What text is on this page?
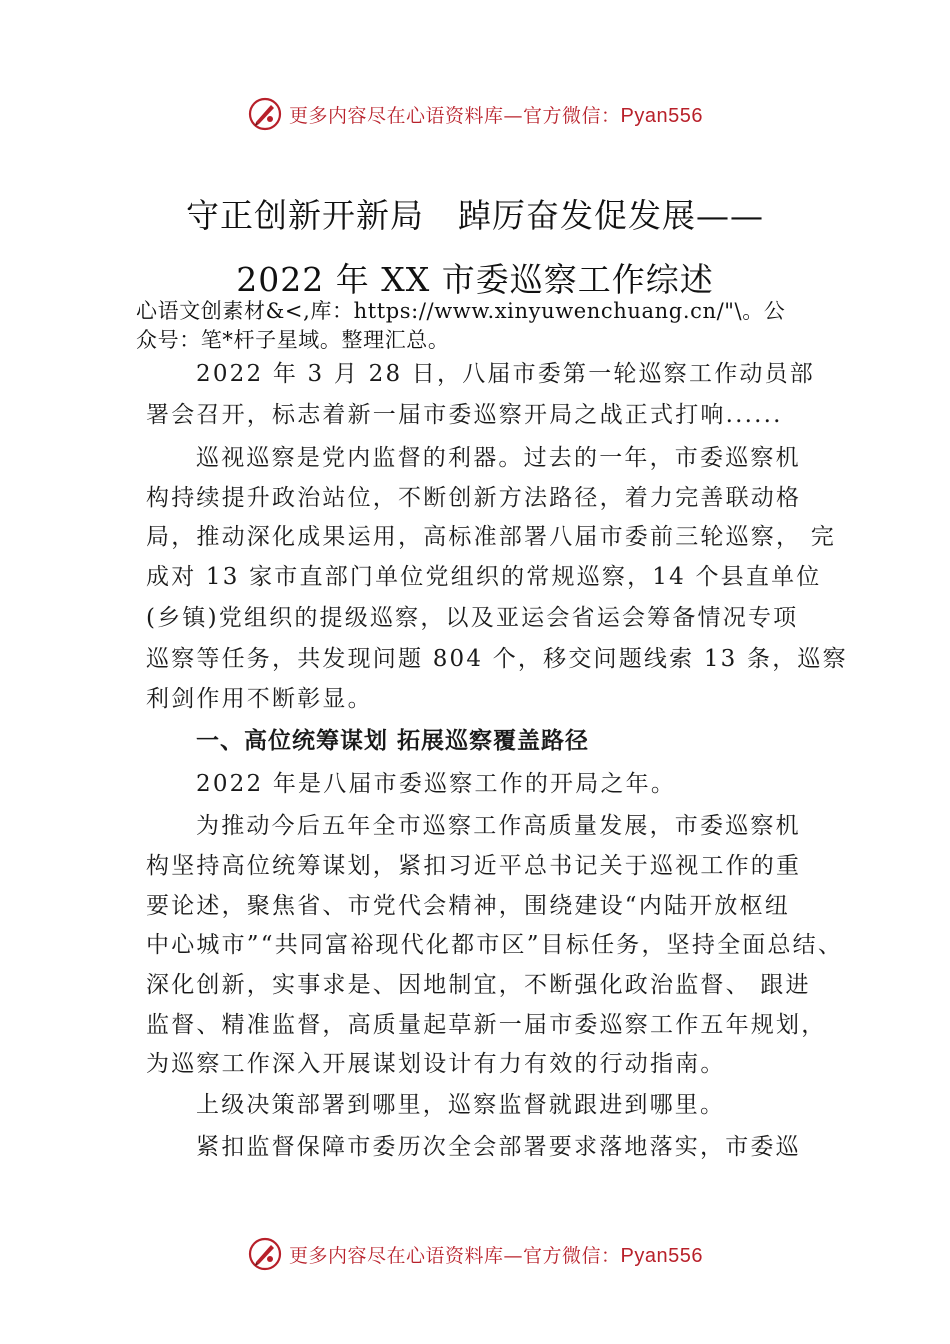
更多内容尽在心语资料库—官方微信：Pyan556
守正创新开新局　踔厉奋发促发展——
2022 年 XX 市委巡察工作综述
心语文创素材&<,库：https://www.xinyuwenchuang.cn/"\。公
众号：笔*杆子星域。整理汇总。
2022 年 3 月 28 日，八届市委第一轮巡察工作动员部
署会召开，标志着新一届市委巡察开局之战正式打响......
巡视巡察是党内监督的利器。过去的一年，市委巡察机
构持续提升政治站位，不断创新方法路径，着力完善联动格
局，推动深化成果运用，高标准部署八届市委前三轮巡察， 完
成对 13 家市直部门单位党组织的常规巡察，14 个县直单位
(乡镇)党组织的提级巡察，以及亚运会省运会筹备情况专项
巡察等任务，共发现问题 804 个，移交问题线索 13 条，巡察
利剑作用不断彰显。
一、高位统筹谋划 拓展巡察覆盖路径
2022 年是八届市委巡察工作的开局之年。
为推动今后五年全市巡察工作高质量发展，市委巡察机
构坚持高位统筹谋划，紧扣习近平总书记关于巡视工作的重
要论述，聚焦省、市党代会精神，围绕建设“内陆开放枢纽
中心城市”“共同富裕现代化都市区”目标任务，坚持全面总结、
深化创新，实事求是、因地制宜，不断强化政治监督、 跟进
监督、精准监督，高质量起草新一届市委巡察工作五年规划，
为巡察工作深入开展谋划设计有力有效的行动指南。
上级决策部署到哪里，巡察监督就跟进到哪里。
紧扣监督保障市委历次全会部署要求落地落实，市委巡
更多内容尽在心语资料库—官方微信：Pyan556
